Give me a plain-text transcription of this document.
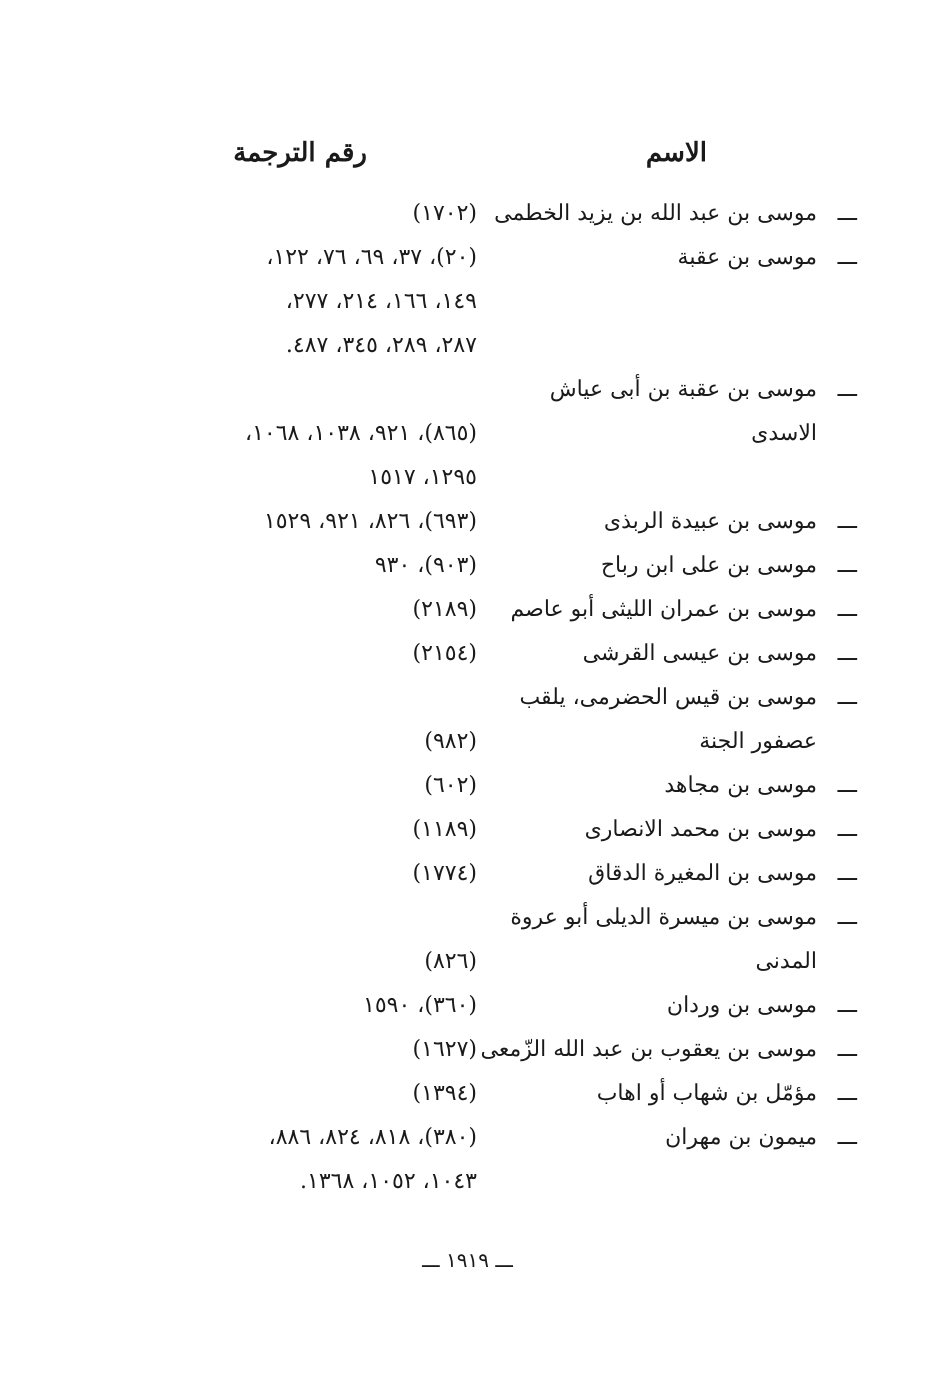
الاسم
رقم الترجمة
ـــ
موسى بن عبد الله بن يزيد الخطمى
(١٧٠٢)
ـــ
موسى بن عقبة
(٢٠)، ٣٧، ٦٩، ٧٦، ١٢٢،
١٤٩، ١٦٦، ٢١٤، ٢٧٧،
٢٨٧، ٢٨٩، ٣٤٥، ٤٨٧.
ـــ
موسى بن عقبة بن أبى عياش
الاسدى

(٨٦٥)، ٩٢١، ١٠٣٨، ١٠٦٨،
١٢٩٥، ١٥١٧
ـــ
موسى بن عبيدة الربذى
(٦٩٣)، ٨٢٦، ٩٢١، ١٥٢٩
ـــ
موسى بن على ابن رباح
(٩٠٣)، ٩٣٠
ـــ
موسى بن عمران الليثى أبو عاصم
(٢١٨٩)
ـــ
موسى بن عيسى القرشى
(٢١٥٤)
ـــ
موسى بن قيس الحضرمى، يلقب
عصفور الجنة

(٩٨٢)
ـــ
موسى بن مجاهد
(٦٠٢)
ـــ
موسى بن محمد الانصارى
(١١٨٩)
ـــ
موسى بن المغيرة الدقاق
(١٧٧٤)
ـــ
موسى بن ميسرة الديلى أبو عروة
المدنى

(٨٢٦)
ـــ
موسى بن وردان
(٣٦٠)، ١٥٩٠
ـــ
موسى بن يعقوب بن عبد الله الزّمعى
(١٦٢٧)
ـــ
مؤمّل بن شهاب أو اهاب
(١٣٩٤)
ـــ
ميمون بن مهران
(٣٨٠)، ٨١٨، ٨٢٤، ٨٨٦،
١٠٤٣، ١٠٥٢، ١٣٦٨.
ـــ ١٩١٩ ـــ
